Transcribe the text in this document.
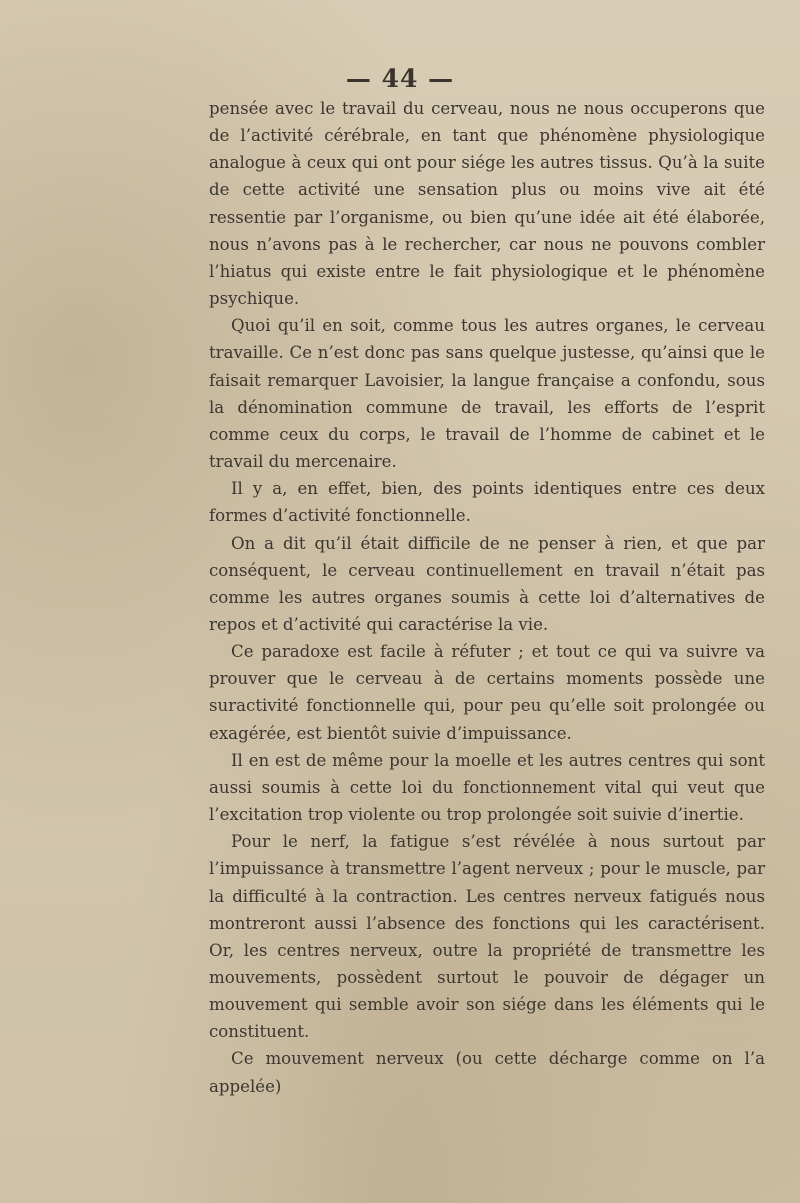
— 44 —

pensée avec le travail du cerveau, nous ne nous occuperons que de l’activité cérébrale, en tant que phénomène physiologique analogue à ceux qui ont pour siége les autres tissus. Qu’à la suite de cette activité une sensation plus ou moins vive ait été ressentie par l’organisme, ou bien qu’une idée ait été élaborée, nous n’avons pas à le rechercher, car nous ne pouvons combler l’hiatus qui existe entre le fait physiologique et le phénomène psychique.

Quoi qu’il en soit, comme tous les autres organes, le cerveau travaille. Ce n’est donc pas sans quelque justesse, qu’ainsi que le faisait remarquer Lavoisier, la langue française a confondu, sous la dénomination commune de travail, les efforts de l’esprit comme ceux du corps, le travail de l’homme de cabinet et le travail du mercenaire.

Il y a, en effet, bien, des points identiques entre ces deux formes d’activité fonctionnelle.

On a dit qu’il était difficile de ne penser à rien, et que par conséquent, le cerveau continuellement en travail n’était pas comme les autres organes soumis à cette loi d’alternatives de repos et d’activité qui caractérise la vie.

Ce paradoxe est facile à réfuter ; et tout ce qui va suivre va prouver que le cerveau à de certains moments possède une suractivité fonctionnelle qui, pour peu qu’elle soit prolongée ou exagérée, est bientôt suivie d’impuissance.

Il en est de même pour la moelle et les autres centres qui sont aussi soumis à cette loi du fonctionnement vital qui veut que l’excitation trop violente ou trop prolongée soit suivie d’inertie.

Pour le nerf, la fatigue s’est révélée à nous surtout par l’impuissance à transmettre l’agent nerveux ; pour le muscle, par la difficulté à la contraction. Les centres nerveux fatigués nous montreront aussi l’absence des fonctions qui les caractérisent. Or, les centres nerveux, outre la propriété de transmettre les mouvements, possèdent surtout le pouvoir de dégager un mouvement qui semble avoir son siége dans les éléments qui le constituent.

Ce mouvement nerveux (ou cette décharge comme on l’a appelée)
